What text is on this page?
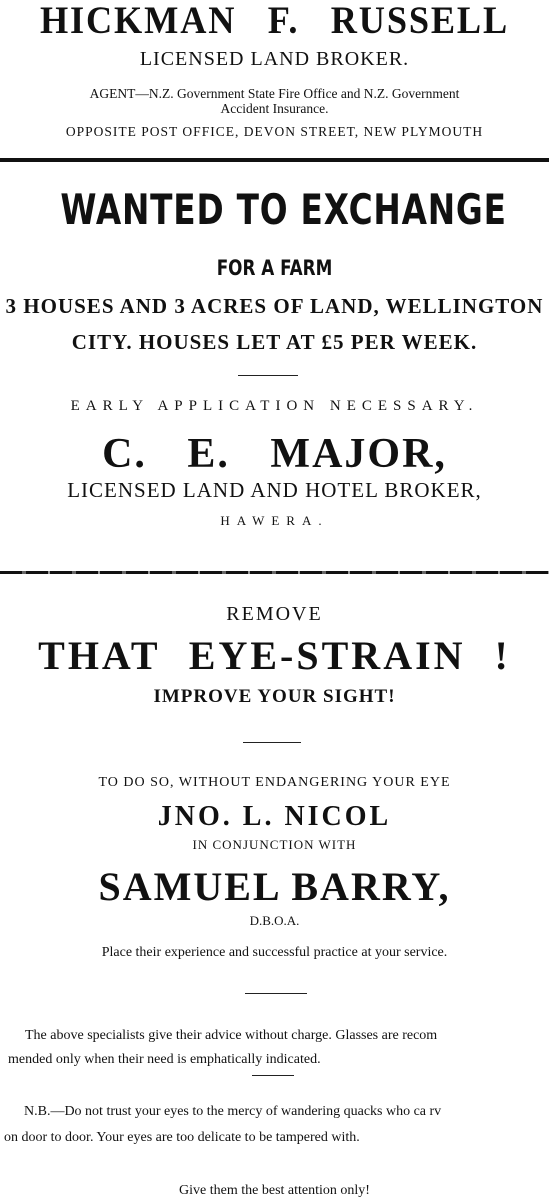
HICKMAN F. RUSSELL
LICENSED LAND BROKER.
AGENT—N.Z. Government State Fire Office and N.Z. Government
Accident Insurance.
OPPOSITE POST OFFICE, DEVON STREET, NEW PLYMOUTH
WANTED TO EXCHANGE
FOR A FARM
3 HOUSES AND 3 ACRES OF LAND, WELLINGTON
CITY. HOUSES LET AT £5 PER WEEK.
EARLY APPLICATION NECESSARY.
C. E. MAJOR,
LICENSED LAND AND HOTEL BROKER,
HAWERA.
REMOVE
THAT EYE-STRAIN !
IMPROVE YOUR SIGHT!
TO DO SO, WITHOUT ENDANGERING YOUR EYE
JNO. L. NICOL
IN CONJUNCTION WITH
SAMUEL BARRY,
D.B.O.A.
Place their experience and successful practice at your service.
The above specialists give their advice without charge. Glasses are recom
mended only when their need is emphatically indicated.
N.B.—Do not trust your eyes to the mercy of wandering quacks who ca rv
on door to door. Your eyes are too delicate to be tampered with.
Give them the best attention only!
